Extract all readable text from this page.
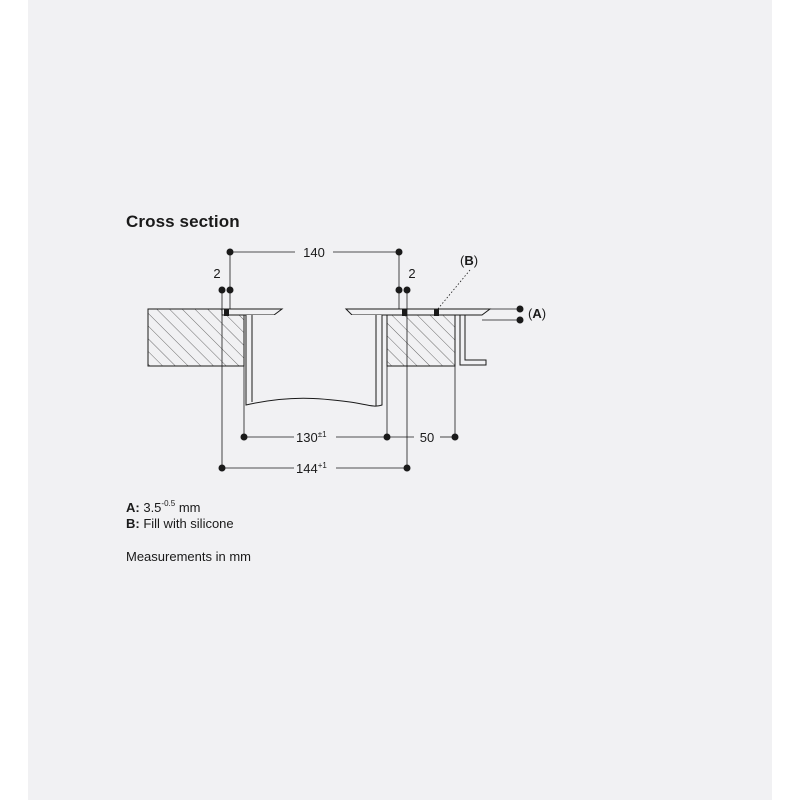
Cross section
140
2	2
$130^{\pm 1}$	50
$144^{+1}$
(A)
(B)
A: $3.5^{-0.5}$ mm
B: Fill with silicone
Measurements in mm
